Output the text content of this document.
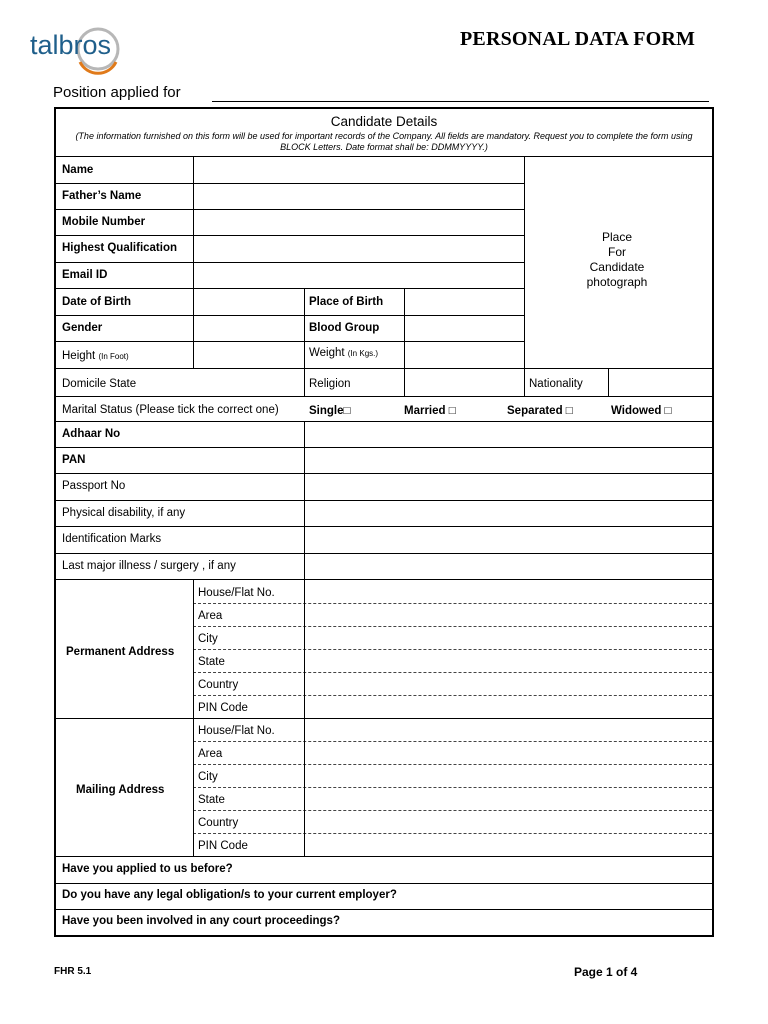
talbros	PERSONAL DATA FORM
Position applied for
Candidate Details
(The information furnished on this form will be used for important records of the Company. All fields are mandatory. Request you to complete the form using BLOCK Letters. Date format shall be: DDMMYYYY.)
Place
For
Candidate
photograph
Name
Father’s Name
Mobile Number
Highest Qualification
Email ID
Date of Birth	Place of Birth
Gender	Blood Group
Height (In Foot)	Weight (In Kgs.)
Domicile State	Religion	Nationality
Marital Status (Please tick the correct one)	Single□	Married □	Separated □	Widowed □
Adhaar No
PAN
Passport No
Physical disability, if any
Identification Marks
Last major illness / surgery , if any
Permanent Address
House/Flat No.
Area
City
State
Country
PIN Code
Mailing Address
House/Flat No.
Area
City
State
Country
PIN Code
Have you applied to us before?
Do you have any legal obligation/s to your current employer?
Have you been involved in any court proceedings?
FHR 5.1	Page 1 of 4
